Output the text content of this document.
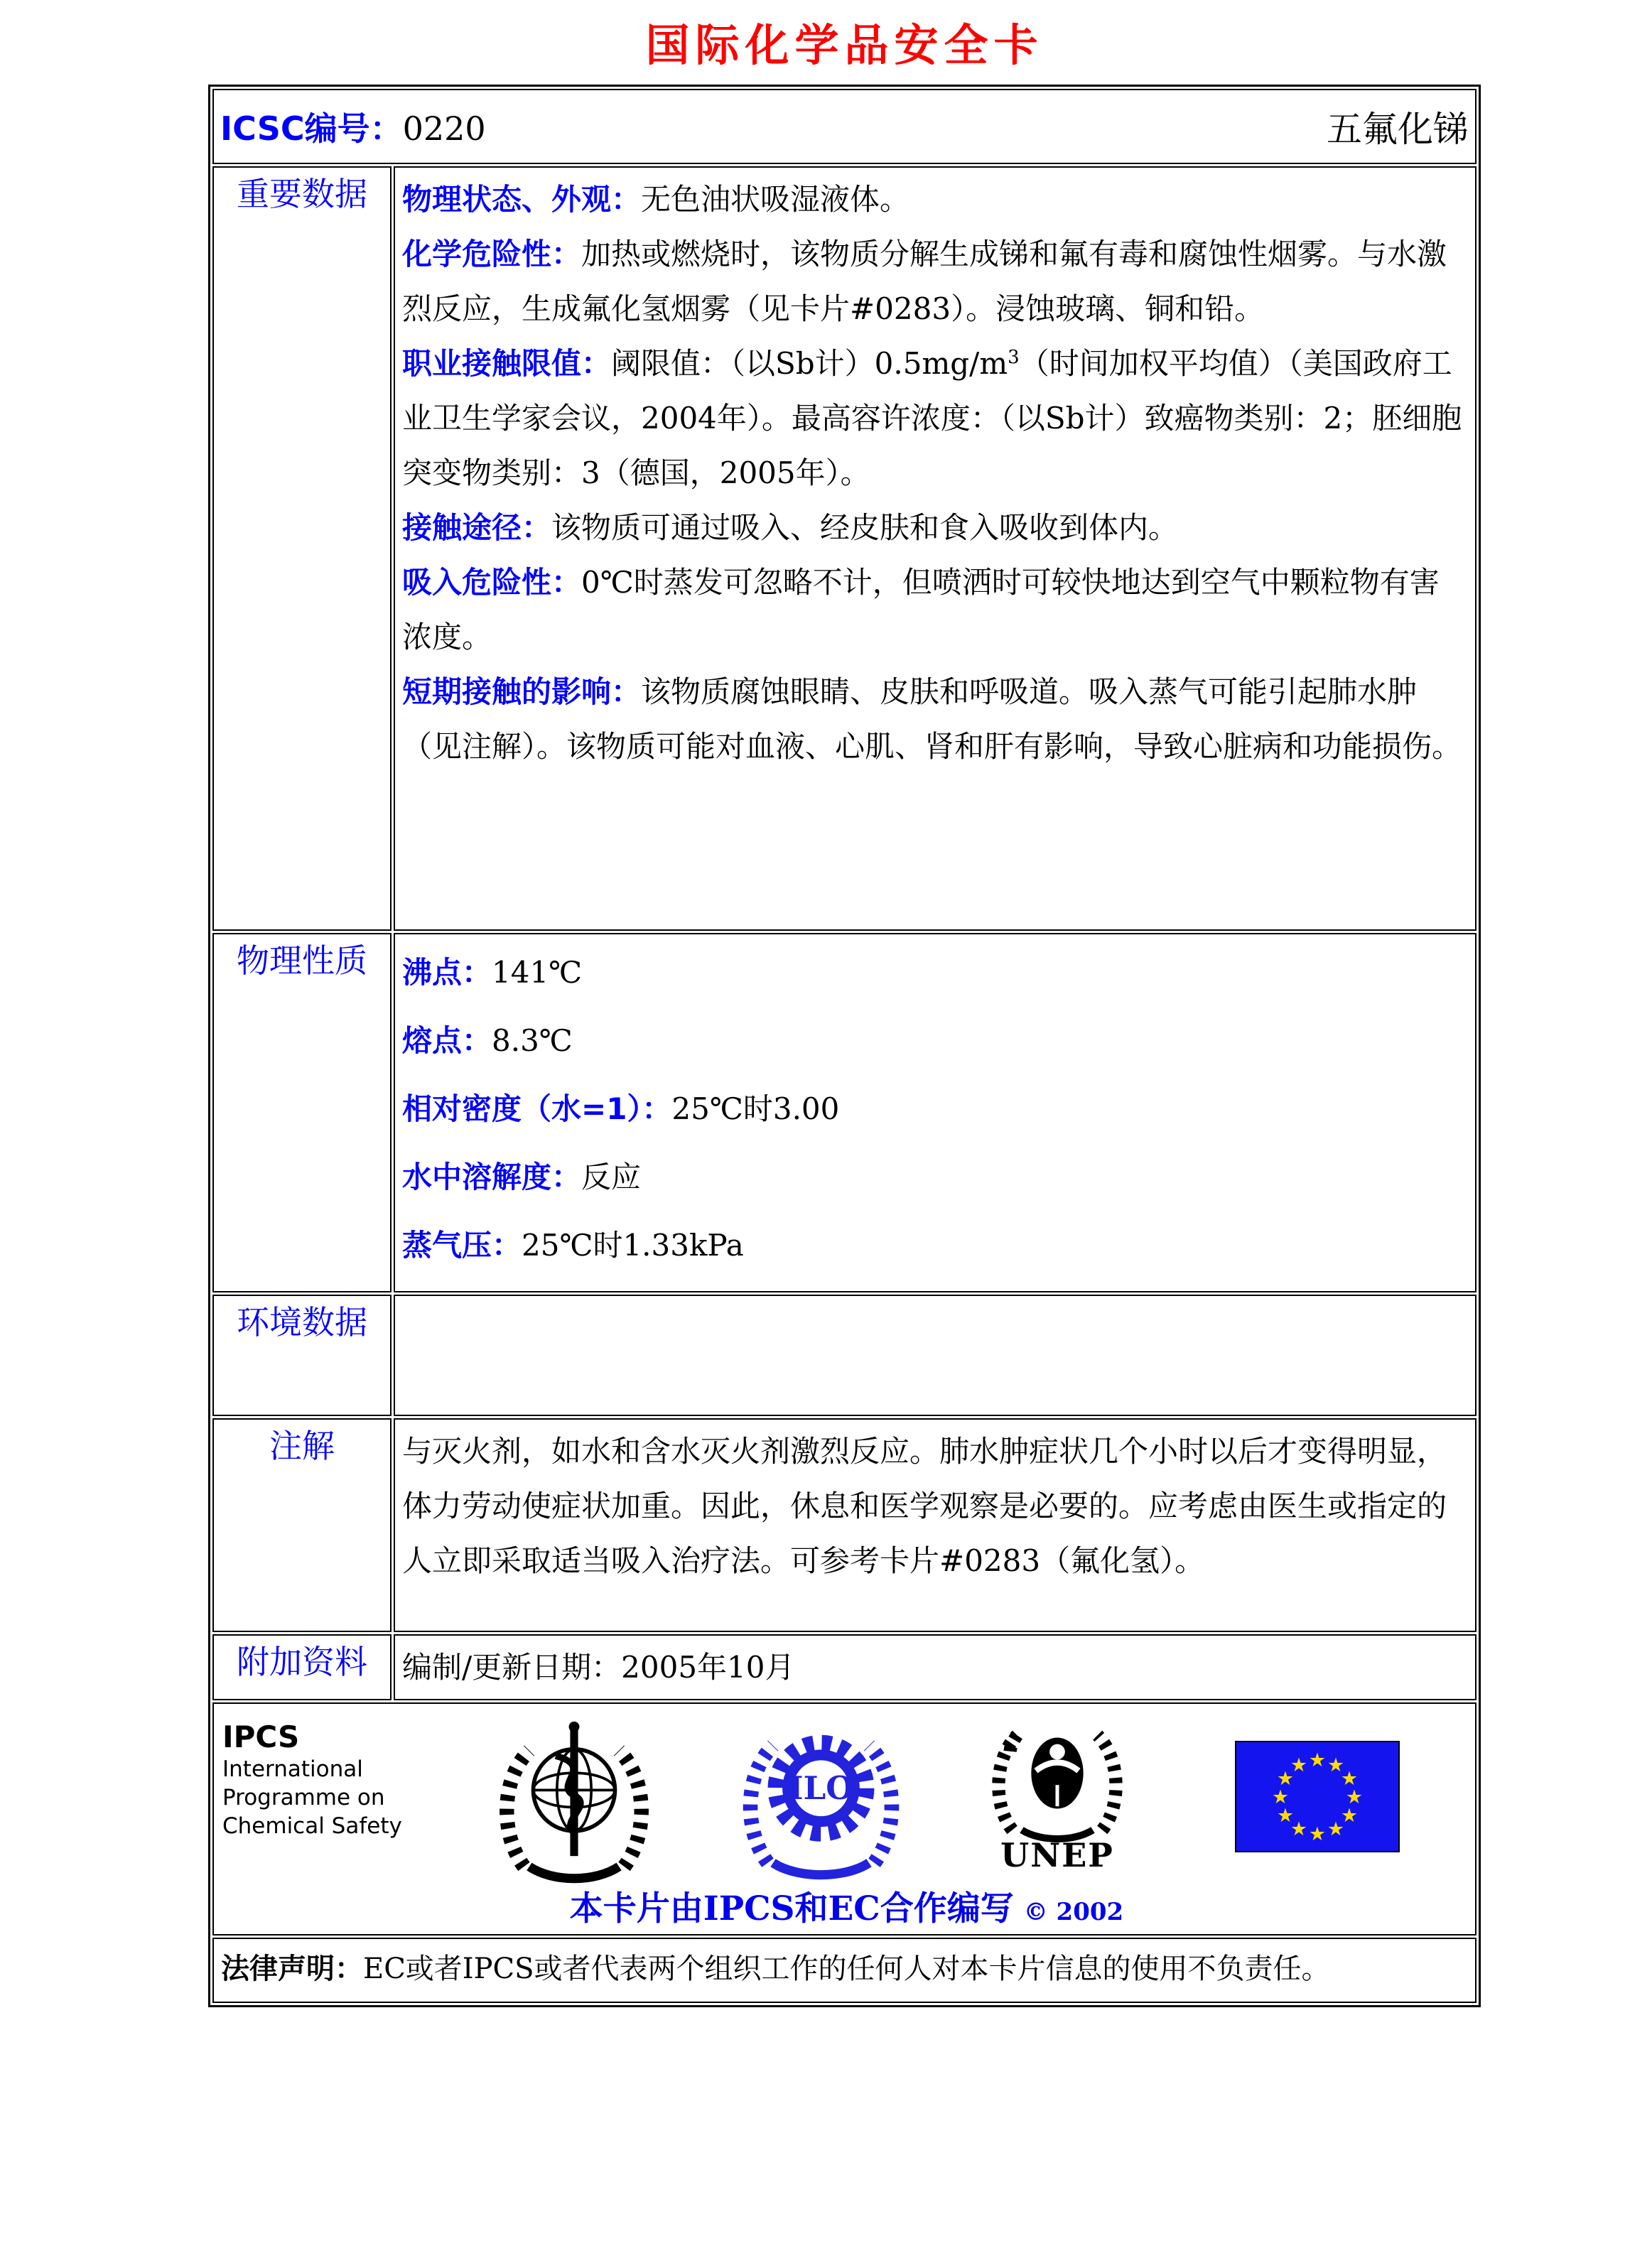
国际化学品安全卡
ICSC编号：0220 五氟化锑	

重要数据	物理状态、外观：无色油状吸湿液体。
化学危险性：加热或燃烧时，该物质分解生成锑和氟有毒和腐蚀性烟雾。与水激烈反应，生成氟化氢烟雾（见卡片#0283）。浸蚀玻璃、铜和铅。
职业接触限值：阈限值：（以Sb计）$0.5mg/m^3$（时间加权平均值）（美国政府工业卫生学家会议，2004年）。最高容许浓度：（以Sb计）致癌物类别：2；胚细胞突变物类别：3（德国，2005年）。
接触途径：该物质可通过吸入、经皮肤和食入吸收到体内。
吸入危险性：0℃时蒸发可忽略不计，但喷洒时可较快地达到空气中颗粒物有害浓度。
短期接触的影响：该物质腐蚀眼睛、皮肤和呼吸道。吸入蒸气可能引起肺水肿（见注解）。该物质可能对血液、心肌、肾和肝有影响，导致心脏病和功能损伤。

物理性质	沸点：141℃
熔点：8.3℃
相对密度（水=1）：25℃时3.00
水中溶解度：反应
蒸气压：25℃时1.33kPa

环境数据	
注解	与灭火剂，如水和含水灭火剂激烈反应。肺水肿症状几个小时以后才变得明显，体力劳动使症状加重。因此，休息和医学观察是必要的。应考虑由医生或指定的人立即采取适当吸入治疗法。可参考卡片#0283（氟化氢）。

附加资料	编制/更新日期：2005年10月

IPCS
International
Programme on
Chemical Safety
ILO
UNEP
★ ★
★
★
★
★
★
★
★
★
★
★
本卡片由IPCS和EC合作编写 © 2002

法律声明：EC或者IPCS或者代表两个组织工作的任何人对本卡片信息的使用不负责任。	
